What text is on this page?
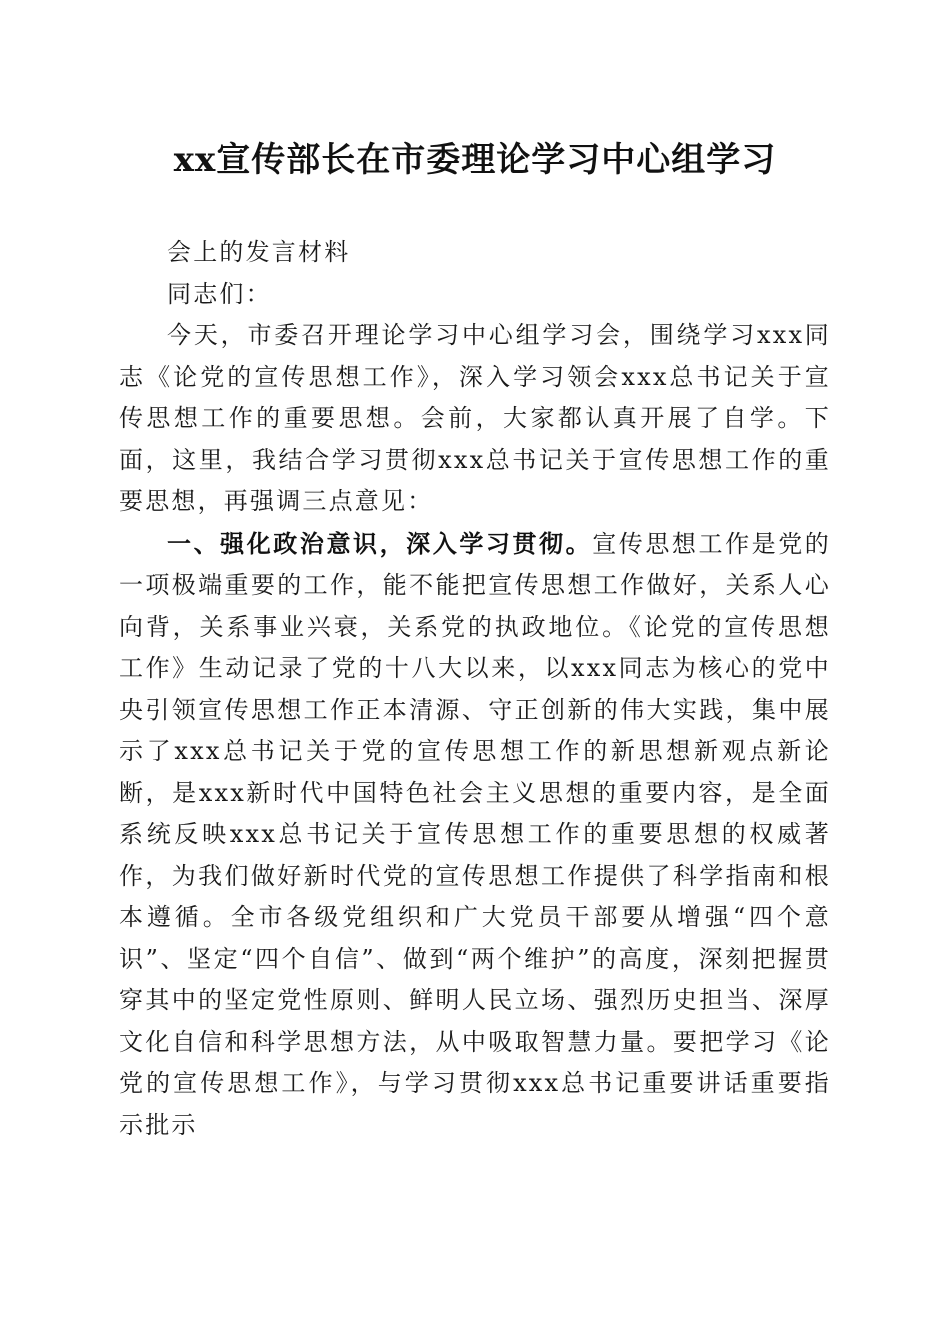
xx宣传部长在市委理论学习中心组学习

会上的发言材料

同志们：

今天，市委召开理论学习中心组学习会，围绕学习xxx同志《论党的宣传思想工作》，深入学习领会xxx总书记关于宣传思想工作的重要思想。会前，大家都认真开展了自学。下面，这里，我结合学习贯彻xxx总书记关于宣传思想工作的重要思想，再强调三点意见：

一、强化政治意识，深入学习贯彻。宣传思想工作是党的一项极端重要的工作，能不能把宣传思想工作做好，关系人心向背，关系事业兴衰，关系党的执政地位。《论党的宣传思想工作》生动记录了党的十八大以来，以xxx同志为核心的党中央引领宣传思想工作正本清源、守正创新的伟大实践，集中展示了xxx总书记关于党的宣传思想工作的新思想新观点新论断，是xxx新时代中国特色社会主义思想的重要内容，是全面系统反映xxx总书记关于宣传思想工作的重要思想的权威著作，为我们做好新时代党的宣传思想工作提供了科学指南和根本遵循。全市各级党组织和广大党员干部要从增强“四个意识”、坚定“四个自信”、做到“两个维护”的高度，深刻把握贯穿其中的坚定党性原则、鲜明人民立场、强烈历史担当、深厚文化自信和科学思想方法，从中吸取智慧力量。要把学习《论党的宣传思想工作》，与学习贯彻xxx总书记重要讲话重要指示批示
